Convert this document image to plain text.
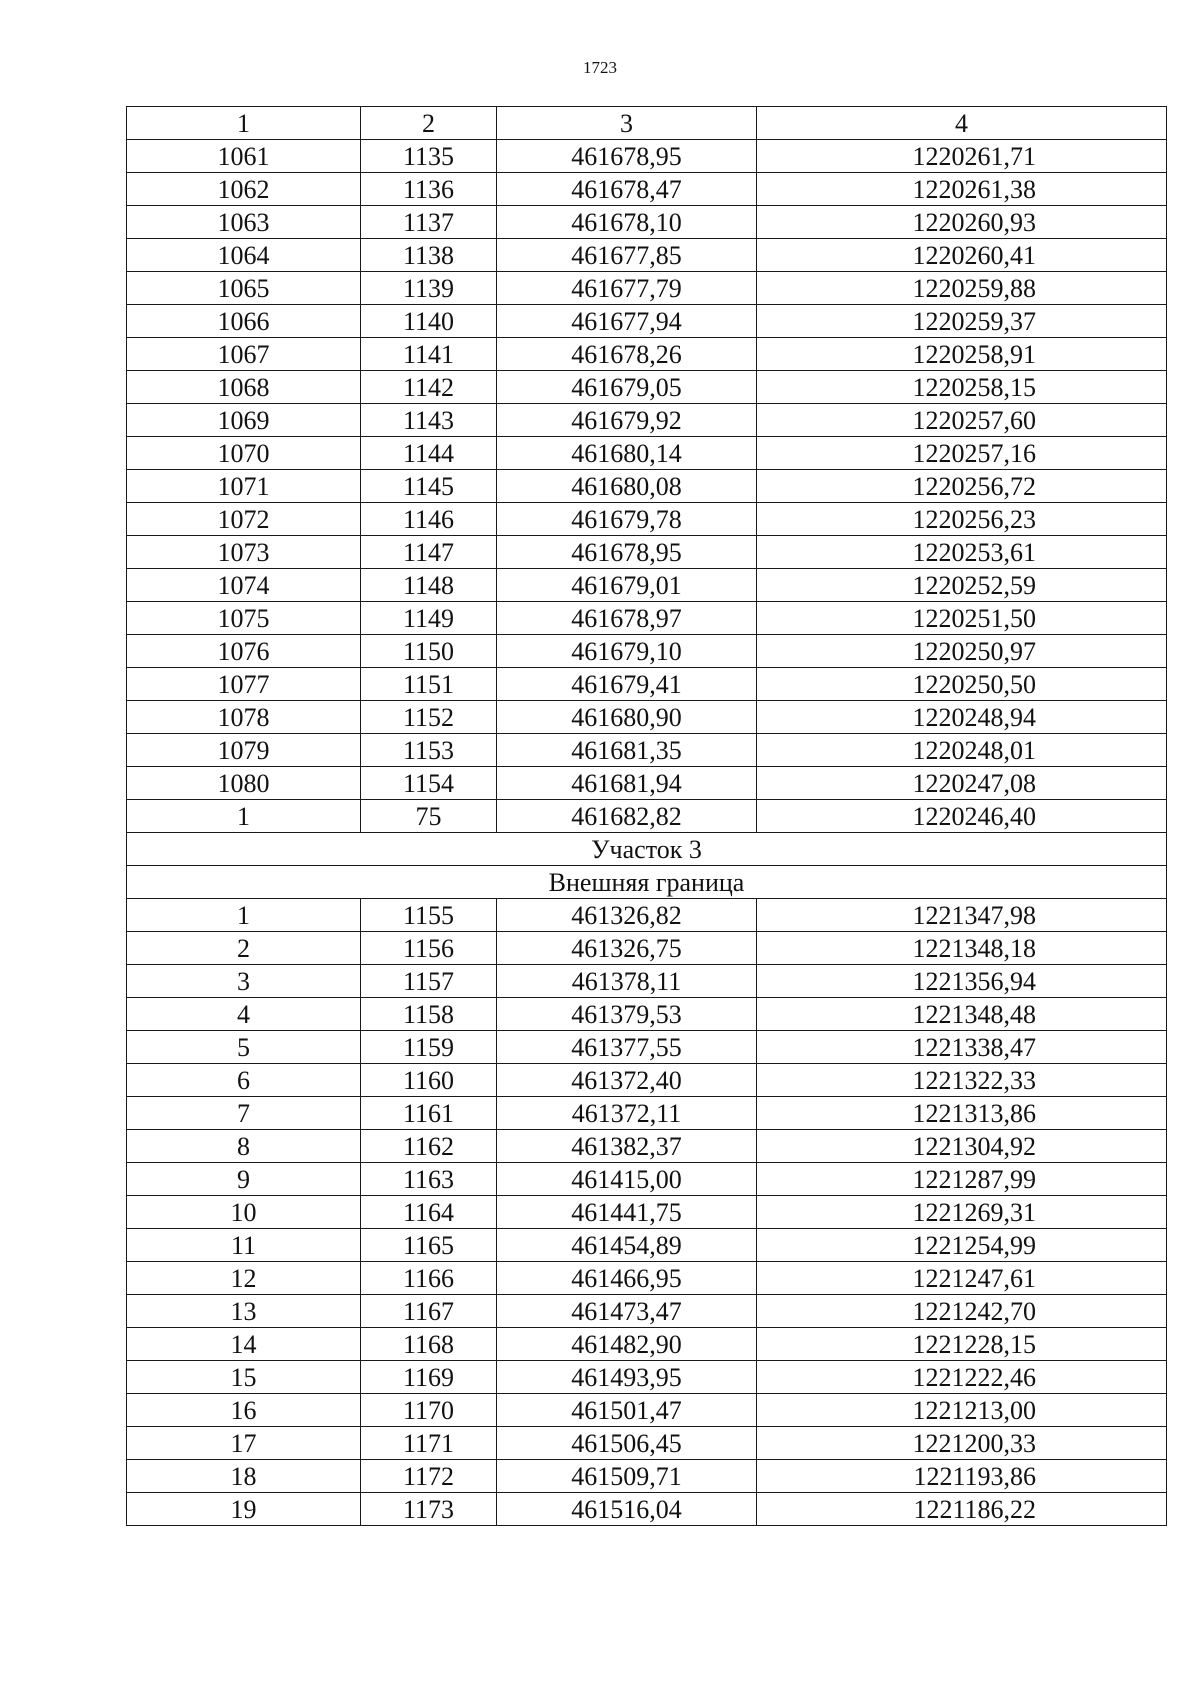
1723
1	2	3	4
1061	1135	461678,95	1220261,71
1062	1136	461678,47	1220261,38
1063	1137	461678,10	1220260,93
1064	1138	461677,85	1220260,41
1065	1139	461677,79	1220259,88
1066	1140	461677,94	1220259,37
1067	1141	461678,26	1220258,91
1068	1142	461679,05	1220258,15
1069	1143	461679,92	1220257,60
1070	1144	461680,14	1220257,16
1071	1145	461680,08	1220256,72
1072	1146	461679,78	1220256,23
1073	1147	461678,95	1220253,61
1074	1148	461679,01	1220252,59
1075	1149	461678,97	1220251,50
1076	1150	461679,10	1220250,97
1077	1151	461679,41	1220250,50
1078	1152	461680,90	1220248,94
1079	1153	461681,35	1220248,01
1080	1154	461681,94	1220247,08
1	75	461682,82	1220246,40
Участок 3			
Внешняя граница			
1	1155	461326,82	1221347,98
2	1156	461326,75	1221348,18
3	1157	461378,11	1221356,94
4	1158	461379,53	1221348,48
5	1159	461377,55	1221338,47
6	1160	461372,40	1221322,33
7	1161	461372,11	1221313,86
8	1162	461382,37	1221304,92
9	1163	461415,00	1221287,99
10	1164	461441,75	1221269,31
11	1165	461454,89	1221254,99
12	1166	461466,95	1221247,61
13	1167	461473,47	1221242,70
14	1168	461482,90	1221228,15
15	1169	461493,95	1221222,46
16	1170	461501,47	1221213,00
17	1171	461506,45	1221200,33
18	1172	461509,71	1221193,86
19	1173	461516,04	1221186,22
